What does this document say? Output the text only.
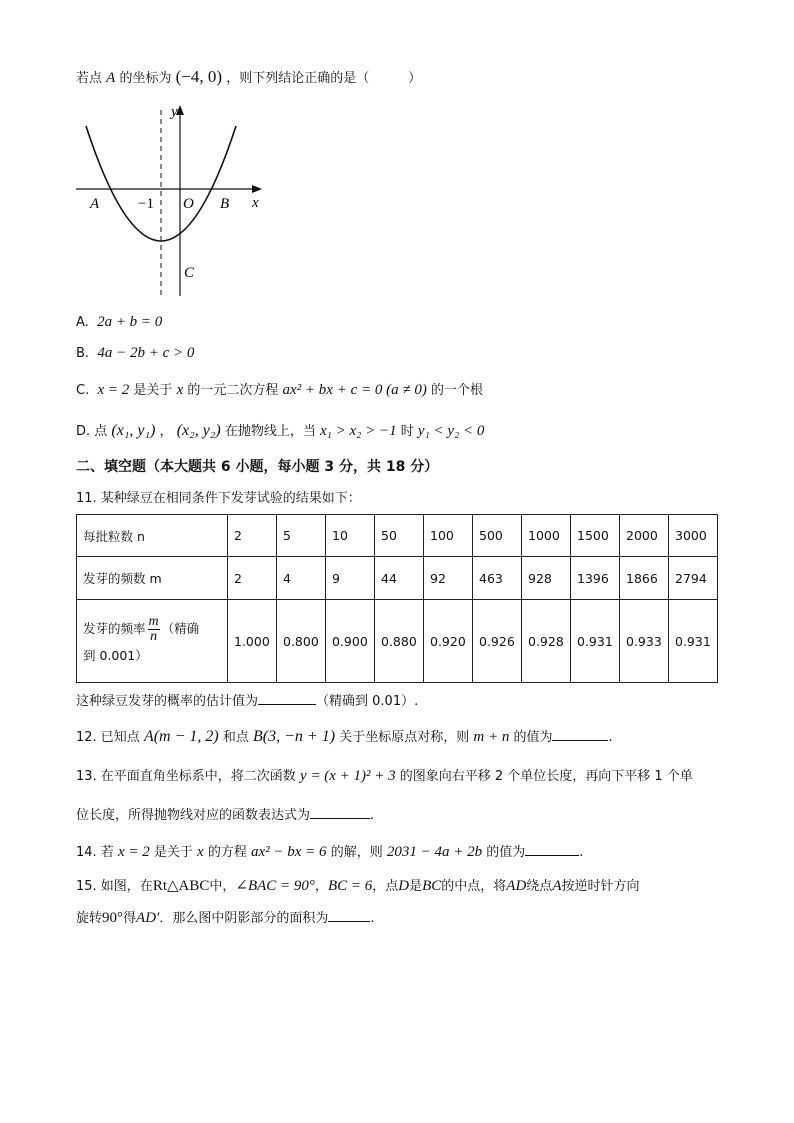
若点 A 的坐标为 (−4, 0) ，则下列结论正确的是（　　　）
y
x
A	−1 O B
C
A. 2a + b = 0
B. 4a − 2b + c > 0
C. x = 2 是关于 x 的一元二次方程 ax² + bx + c = 0 (a ≠ 0) 的一个根
D. 点 (x₁, y₁) ， (x₂, y₂) 在抛物线上，当 x₁ > x₂ > −1 时 y₁ < y₂ < 0
二、填空题（本大题共 6 小题，每小题 3 分，共 18 分）
11. 某种绿豆在相同条件下发芽试验的结果如下：
每批粒数 n	2	5	10	50	100	500	1000	1500	2000	3000
发芽的频数 m	2	4	9	44	92	463	928	1396	1866	2794
发芽的频率 $\frac{m}{n}$ （精确
到 0.001）	1.000	0.800	0.900	0.880	0.920	0.926	0.928	0.931	0.933	0.931
这种绿豆发芽的概率的估计值为	（精确到 0.01）.
12. 已知点 A(m − 1, 2) 和点 B(3, −n + 1) 关于坐标原点对称，则 m + n 的值为	.
13. 在平面直角坐标系中，将二次函数 y = (x + 1)² + 3 的图象向右平移 2 个单位长度，再向下平移 1 个单
位长度，所得抛物线对应的函数表达式为	.
14. 若 x = 2 是关于 x 的方程 ax² − bx = 6 的解，则 2031 − 4a + 2b 的值为	.
15. 如图，在Rt△ABC中，∠BAC = 90°，BC = 6，点D是BC的中点，将AD绕点A按逆时针方向
旋转90°得AD′．那么图中阴影部分的面积为	.
